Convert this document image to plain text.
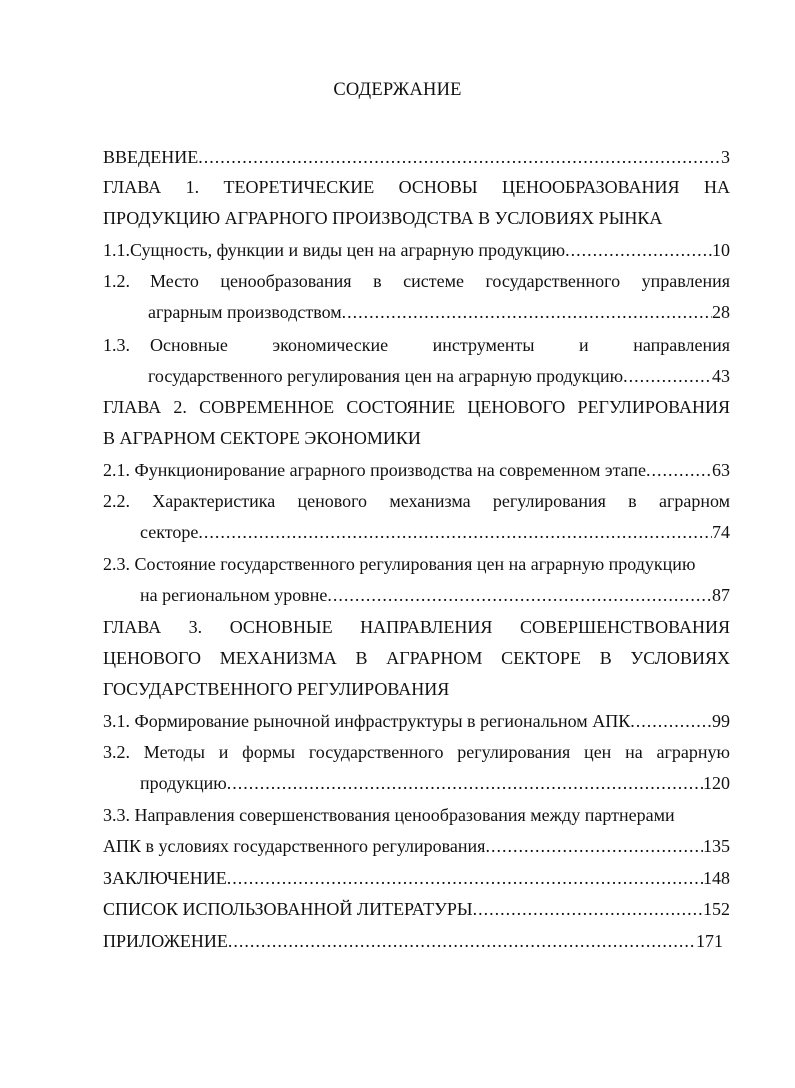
СОДЕРЖАНИЕ
ВВЕДЕНИЕ .....	3
ГЛАВА 1. ТЕОРЕТИЧЕСКИЕ ОСНОВЫ ЦЕНООБРАЗОВАНИЯ НА
ПРОДУКЦИЮ АГРАРНОГО ПРОИЗВОДСТВА В УСЛОВИЯХ РЫНКА
1.1. Сущность, функции и виды цен на аграрную продукцию .....	10
1.2.	Место ценообразования в системе государственного управления
аграрным производством .....	28
1.3.	Основные экономические инструменты и направления
государственного регулирования цен на аграрную продукцию .....	43
ГЛАВА 2. СОВРЕМЕННОЕ СОСТОЯНИЕ ЦЕНОВОГО РЕГУЛИРОВАНИЯ
В АГРАРНОМ СЕКТОРЕ ЭКОНОМИКИ
2.1. Функционирование аграрного производства на современном этапе .....	63
2.2. Характеристика ценового механизма регулирования в аграрном
секторе .....	74
2.3. Состояние государственного регулирования цен на аграрную продукцию
на региональном уровне .....	87
ГЛАВА 3. ОСНОВНЫЕ НАПРАВЛЕНИЯ СОВЕРШЕНСТВОВАНИЯ
ЦЕНОВОГО МЕХАНИЗМА В АГРАРНОМ СЕКТОРЕ В УСЛОВИЯХ
ГОСУДАРСТВЕННОГО РЕГУЛИРОВАНИЯ
3.1. Формирование рыночной инфраструктуры в региональном АПК .....	99
3.2. Методы и формы государственного регулирования цен на аграрную
продукцию .....	120
3.3. Направления совершенствования ценообразования между партнерами
АПК в условиях государственного регулирования .....	135
ЗАКЛЮЧЕНИЕ .....	148
СПИСОК ИСПОЛЬЗОВАННОЙ ЛИТЕРАТУРЫ .....	152
ПРИЛОЖЕНИЕ .....	171
